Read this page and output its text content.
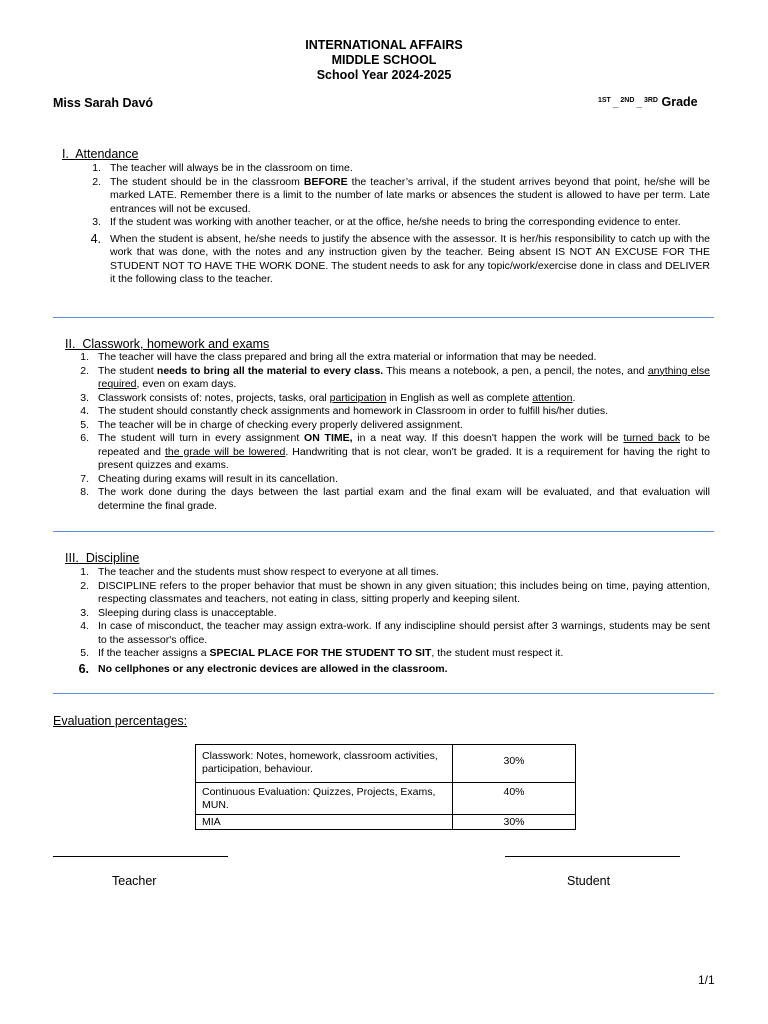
INTERNATIONAL AFFAIRS
MIDDLE SCHOOL
School Year 2024-2025
Miss Sarah Davó	$^{1ST}$ _ $^{2ND}$ _ $^{3RD}$ Grade
I. Attendance
1. The teacher will always be in the classroom on time.
2. The student should be in the classroom BEFORE the teacher’s arrival, if the student arrives beyond that point, he/she will be marked LATE. Remember there is a limit to the number of late marks or absences the student is allowed to have per term. Late entrances will not be excused.
3. If the student was working with another teacher, or at the office, he/she needs to bring the corresponding evidence to enter.
4. When the student is absent, he/she needs to justify the absence with the assessor. It is her/his responsibility to catch up with the work that was done, with the notes and any instruction given by the teacher. Being absent IS NOT AN EXCUSE FOR THE STUDENT NOT TO HAVE THE WORK DONE. The student needs to ask for any topic/work/exercise done in class and DELIVER it the following class to the teacher.
II. Classwork, homework and exams
1. The teacher will have the class prepared and bring all the extra material or information that may be needed.
2. The student needs to bring all the material to every class. This means a notebook, a pen, a pencil, the notes, and anything else required, even on exam days.
3. Classwork consists of: notes, projects, tasks, oral participation in English as well as complete attention.
4. The student should constantly check assignments and homework in Classroom in order to fulfill his/her duties.
5. The teacher will be in charge of checking every properly delivered assignment.
6. The student will turn in every assignment ON TIME, in a neat way. If this doesn't happen the work will be turned back to be repeated and the grade will be lowered. Handwriting that is not clear, won't be graded. It is a requirement for having the right to present quizzes and exams.
7. Cheating during exams will result in its cancellation.
8. The work done during the days between the last partial exam and the final exam will be evaluated, and that evaluation will determine the final grade.
III. Discipline
1. The teacher and the students must show respect to everyone at all times.
2. DISCIPLINE refers to the proper behavior that must be shown in any given situation; this includes being on time, paying attention, respecting classmates and teachers, not eating in class, sitting properly and keeping silent.
3. Sleeping during class is unacceptable.
4. In case of misconduct, the teacher may assign extra-work. If any indiscipline should persist after 3 warnings, students may be sent to the assessor's office.
5. If the teacher assigns a SPECIAL PLACE FOR THE STUDENT TO SIT, the student must respect it.
6. No cellphones or any electronic devices are allowed in the classroom.
Evaluation percentages:
Classwork: Notes, homework, classroom activities, participation, behaviour.	30%
Continuous Evaluation: Quizzes, Projects, Exams, MUN.	40%
MIA	30%
Teacher	Student
1/1
